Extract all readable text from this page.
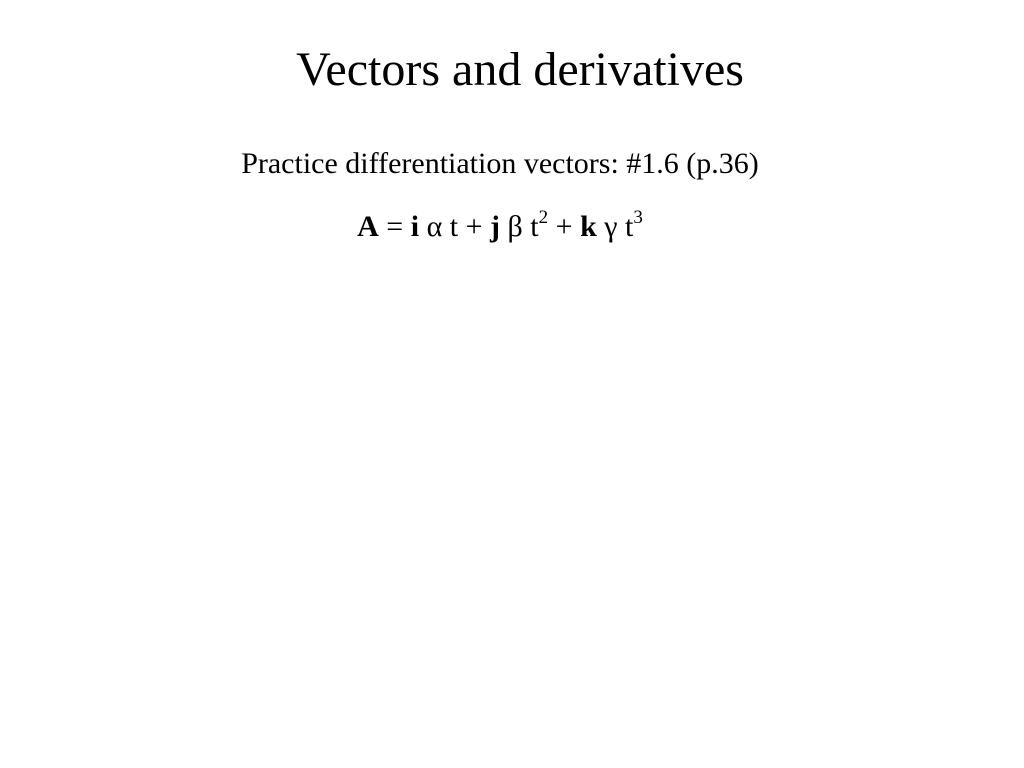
Vectors and derivatives
Practice differentiation vectors: #1.6 (p.36)
A = i α t + j β $t^2 + k$ γ $t^3$
